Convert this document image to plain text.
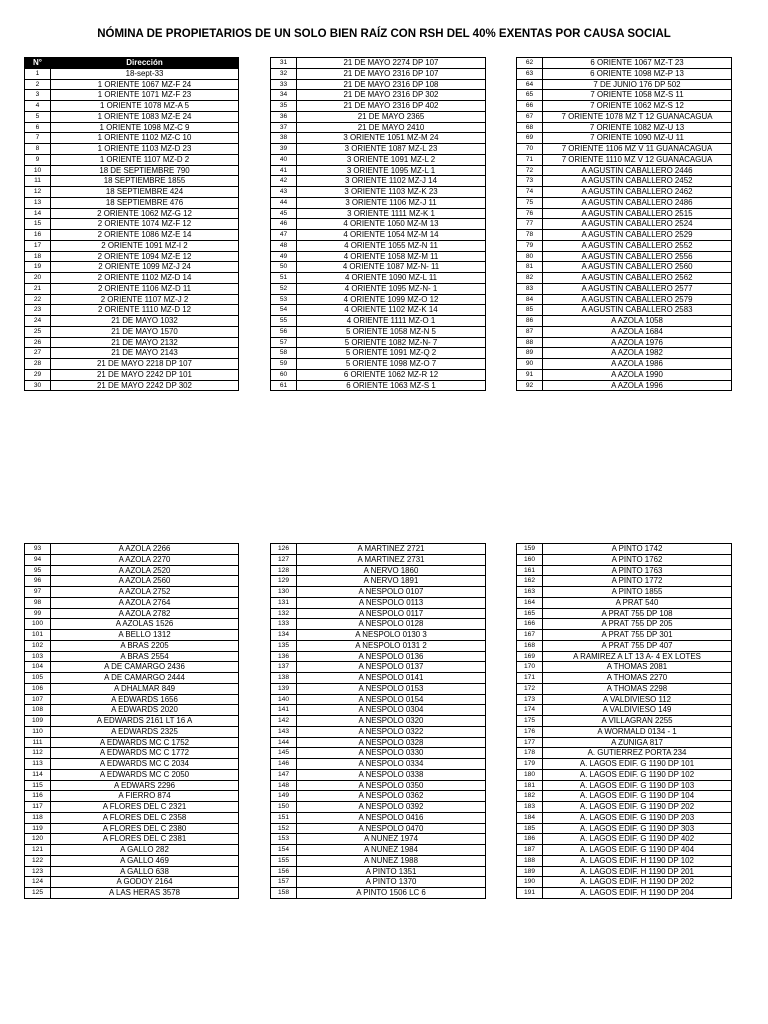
NÓMINA DE PROPIETARIOS DE UN SOLO BIEN RAÍZ CON RSH DEL 40% EXENTAS POR CAUSA SOCIAL
N°	Dirección
1	18-sept-33
2	1 ORIENTE 1067 MZ-F 24
3	1 ORIENTE 1071 MZ-F 23
4	1 ORIENTE 1078 MZ-A 5
5	1 ORIENTE 1083 MZ-E 24
6	1 ORIENTE 1098 MZ-C 9
7	1 ORIENTE 1102 MZ-C 10
8	1 ORIENTE 1103 MZ-D 23
9	1 ORIENTE 1107 MZ-D 2
10	18 DE SEPTIEMBRE 790
11	18 SEPTIEMBRE 1855
12	18 SEPTIEMBRE 424
13	18 SEPTIEMBRE 476
14	2 ORIENTE 1062 MZ-G 12
15	2 ORIENTE 1074 MZ-F 12
16	2 ORIENTE 1086 MZ-E 14
17	2 ORIENTE 1091 MZ-I 2
18	2 ORIENTE 1094 MZ-E 12
19	2 ORIENTE 1099 MZ-J 24
20	2 ORIENTE 1102 MZ-D 14
21	2 ORIENTE 1106 MZ-D 11
22	2 ORIENTE 1107 MZ-J 2
23	2 ORIENTE 1110 MZ-D 12
24	21 DE MAYO 1032
25	21 DE MAYO 1570
26	21 DE MAYO 2132
27	21 DE MAYO 2143
28	21 DE MAYO 2218 DP 107
29	21 DE MAYO 2242 DP 101
30	21 DE MAYO 2242 DP 302
31	21 DE MAYO 2274 DP 107
32	21 DE MAYO 2316 DP 107
33	21 DE MAYO 2316 DP 108
34	21 DE MAYO 2316 DP 302
35	21 DE MAYO 2316 DP 402
36	21 DE MAYO 2365
37	21 DE MAYO 2410
38	3 ORIENTE 1051 MZ-M 24
39	3 ORIENTE 1087 MZ-L 23
40	3 ORIENTE 1091 MZ-L 2
41	3 ORIENTE 1095 MZ-L 1
42	3 ORIENTE 1102 MZ-J 14
43	3 ORIENTE 1103 MZ-K 23
44	3 ORIENTE 1106 MZ-J 11
45	3 ORIENTE 1111 MZ-K 1
46	4 ORIENTE 1050 MZ-M 13
47	4 ORIENTE 1054 MZ-M 14
48	4 ORIENTE 1055 MZ-N 11
49	4 ORIENTE 1058 MZ-M 11
50	4 ORIENTE 1087 MZ-N- 11
51	4 ORIENTE 1090 MZ-L 11
52	4 ORIENTE 1095 MZ-N- 1
53	4 ORIENTE 1099 MZ-O 12
54	4 ORIENTE 1102 MZ-K 14
55	4 ORIENTE 1111 MZ-O 1
56	5 ORIENTE 1058 MZ-N 5
57	5 ORIENTE 1082 MZ-N- 7
58	5 ORIENTE 1091 MZ-Q 2
59	5 ORIENTE 1098 MZ-O 7
60	6 ORIENTE 1062 MZ-R 12
61	6 ORIENTE 1063 MZ-S 1
62	6 ORIENTE 1067 MZ-T 23
63	6 ORIENTE 1098 MZ-P 13
64	7 DE JUNIO 176 DP 502
65	7 ORIENTE 1058 MZ-S 11
66	7 ORIENTE 1062 MZ-S 12
67	7 ORIENTE 1078 MZ T 12 GUANACAGUA
68	7 ORIENTE 1082 MZ-U 13
69	7 ORIENTE 1090 MZ-U 11
70	7 ORIENTE 1106 MZ V 11 GUANACAGUA
71	7 ORIENTE 1110 MZ V 12 GUANACAGUA
72	A AGUSTIN CABALLERO 2446
73	A AGUSTIN CABALLERO 2452
74	A AGUSTIN CABALLERO 2462
75	A AGUSTIN CABALLERO 2486
76	A AGUSTIN CABALLERO 2515
77	A AGUSTIN CABALLERO 2524
78	A AGUSTIN CABALLERO 2529
79	A AGUSTIN CABALLERO 2552
80	A AGUSTIN CABALLERO 2556
81	A AGUSTIN CABALLERO 2560
82	A AGUSTIN CABALLERO 2562
83	A AGUSTIN CABALLERO 2577
84	A AGUSTIN CABALLERO 2579
85	A AGUSTIN CABALLERO 2583
86	A AZOLA 1058
87	A AZOLA 1684
88	A AZOLA 1976
89	A AZOLA 1982
90	A AZOLA 1986
91	A AZOLA 1990
92	A AZOLA 1996
93	A AZOLA 2266
94	A AZOLA 2270
95	A AZOLA 2520
96	A AZOLA 2560
97	A AZOLA 2752
98	A AZOLA 2764
99	A AZOLA 2782
100	A AZOLAS 1526
101	A BELLO 1312
102	A BRAS 2205
103	A BRAS 2554
104	A DE CAMARGO 2436
105	A DE CAMARGO 2444
106	A DHALMAR 849
107	A EDWARDS 1656
108	A EDWARDS 2020
109	A EDWARDS 2161 LT 16 A
110	A EDWARDS 2325
111	A EDWARDS MC C 1752
112	A EDWARDS MC C 1772
113	A EDWARDS MC C 2034
114	A EDWARDS MC C 2050
115	A EDWARS 2296
116	A FIERRO 874
117	A FLORES DEL C 2321
118	A FLORES DEL C 2358
119	A FLORES DEL C 2380
120	A FLORES DEL C 2381
121	A GALLO 282
122	A GALLO 469
123	A GALLO 638
124	A GODOY 2164
125	A LAS HERAS 3578
126	A MARTINEZ 2721
127	A MARTINEZ 2731
128	A NERVO 1860
129	A NERVO 1891
130	A NESPOLO 0107
131	A NESPOLO 0113
132	A NESPOLO 0117
133	A NESPOLO 0128
134	A NESPOLO 0130 3
135	A NESPOLO 0131 2
136	A NESPOLO 0136
137	A NESPOLO 0137
138	A NESPOLO 0141
139	A NESPOLO 0153
140	A NESPOLO 0154
141	A NESPOLO 0304
142	A NESPOLO 0320
143	A NESPOLO 0322
144	A NESPOLO 0328
145	A NESPOLO 0330
146	A NESPOLO 0334
147	A NESPOLO 0338
148	A NESPOLO 0350
149	A NESPOLO 0362
150	A NESPOLO 0392
151	A NESPOLO 0416
152	A NESPOLO 0470
153	A NUNEZ 1974
154	A NUNEZ 1984
155	A NUNEZ 1988
156	A PINTO 1351
157	A PINTO 1370
158	A PINTO 1506 LC 6
159	A PINTO 1742
160	A PINTO 1762
161	A PINTO 1763
162	A PINTO 1772
163	A PINTO 1855
164	A PRAT 540
165	A PRAT 755 DP 108
166	A PRAT 755 DP 205
167	A PRAT 755 DP 301
168	A PRAT 755 DP 407
169	A RAMIREZ A LT 13 A- 4 EX LOTES
170	A THOMAS 2081
171	A THOMAS 2270
172	A THOMAS 2298
173	A VALDIVIESO 112
174	A VALDIVIESO 149
175	A VILLAGRAN 2255
176	A WORMALD 0134 - 1
177	A ZUNIGA 817
178	A. GUTIERREZ PORTA 234
179	A. LAGOS EDIF. G 1190 DP 101
180	A. LAGOS EDIF. G 1190 DP 102
181	A. LAGOS EDIF. G 1190 DP 103
182	A. LAGOS EDIF. G 1190 DP 104
183	A. LAGOS EDIF. G 1190 DP 202
184	A. LAGOS EDIF. G 1190 DP 203
185	A. LAGOS EDIF. G 1190 DP 303
186	A. LAGOS EDIF. G 1190 DP 402
187	A. LAGOS EDIF. G 1190 DP 404
188	A. LAGOS EDIF. H 1190 DP 102
189	A. LAGOS EDIF. H 1190 DP 201
190	A. LAGOS EDIF. H 1190 DP 202
191	A. LAGOS EDIF. H 1190 DP 204
